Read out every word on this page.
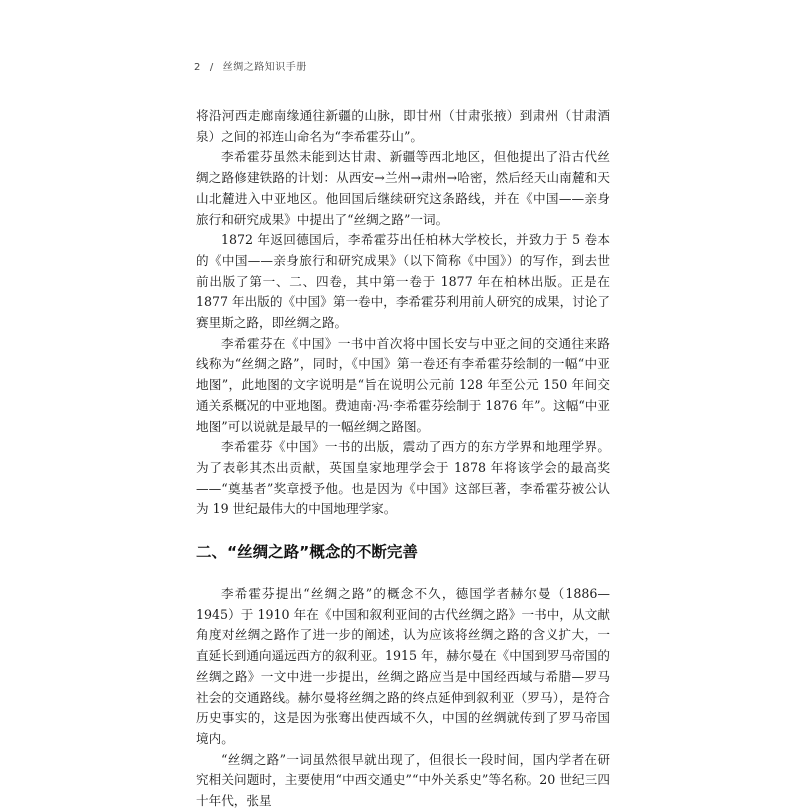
2 / 丝绸之路知识手册

将沿河西走廊南缘通往新疆的山脉，即甘州（甘肃张掖）到肃州（甘肃酒泉）之间的祁连山命名为“李希霍芬山”。

李希霍芬虽然未能到达甘肃、新疆等西北地区，但他提出了沿古代丝绸之路修建铁路的计划：从西安→兰州→肃州→哈密，然后经天山南麓和天山北麓进入中亚地区。他回国后继续研究这条路线，并在《中国——亲身旅行和研究成果》中提出了“丝绸之路”一词。

1872 年返回德国后，李希霍芬出任柏林大学校长，并致力于 5 卷本的《中国——亲身旅行和研究成果》（以下简称《中国》）的写作，到去世前出版了第一、二、四卷，其中第一卷于 1877 年在柏林出版。正是在 1877 年出版的《中国》第一卷中，李希霍芬利用前人研究的成果，讨论了赛里斯之路，即丝绸之路。

李希霍芬在《中国》一书中首次将中国长安与中亚之间的交通往来路线称为“丝绸之路”，同时，《中国》第一卷还有李希霍芬绘制的一幅“中亚地图”，此地图的文字说明是“旨在说明公元前 128 年至公元 150 年间交通关系概况的中亚地图。费迪南·冯·李希霍芬绘制于 1876 年”。这幅“中亚地图”可以说就是最早的一幅丝绸之路图。

李希霍芬《中国》一书的出版，震动了西方的东方学界和地理学界。为了表彰其杰出贡献，英国皇家地理学会于 1878 年将该学会的最高奖——“奠基者”奖章授予他。也是因为《中国》这部巨著，李希霍芬被公认为 19 世纪最伟大的中国地理学家。

二、“丝绸之路”概念的不断完善

李希霍芬提出“丝绸之路”的概念不久，德国学者赫尔曼（1886—1945）于 1910 年在《中国和叙利亚间的古代丝绸之路》一书中，从文献角度对丝绸之路作了进一步的阐述，认为应该将丝绸之路的含义扩大，一直延长到通向遥远西方的叙利亚。1915 年，赫尔曼在《中国到罗马帝国的丝绸之路》一文中进一步提出，丝绸之路应当是中国经西域与希腊—罗马社会的交通路线。赫尔曼将丝绸之路的终点延伸到叙利亚（罗马），是符合历史事实的，这是因为张骞出使西域不久，中国的丝绸就传到了罗马帝国境内。

“丝绸之路”一词虽然很早就出现了，但很长一段时间，国内学者在研究相关问题时，主要使用“中西交通史”“中外关系史”等名称。20 世纪三四十年代，张星
